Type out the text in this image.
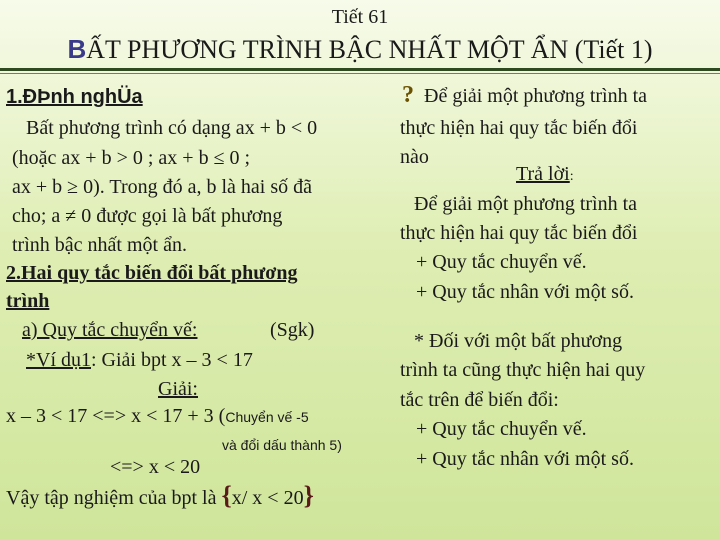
Tiết 61
BẤT PHƯƠNG TRÌNH BẬC NHẤT MỘT ẨN (Tiết 1)
1.ĐÞnh nghÜa
Bất phương trình có dạng ax + b < 0
(hoặc ax + b > 0 ; ax + b ≤ 0 ;
ax + b ≥ 0). Trong đó a, b là hai số đã
cho; a ≠ 0 được gọi là bất phương
trình bậc nhất một ẩn.
2.Hai quy tắc biến đổi bất phương
trình
a) Quy tắc chuyển vế:	(Sgk)
*Ví dụ1: Giải bpt x – 3 < 17
Giải:
x – 3 < 17 <=> x < 17 + 3 (Chuyển vế -5
và đổi dấu thành 5)
<=> x < 20
Vậy tập nghiệm của bpt là {x/ x < 20}
? Để giải một phương trình ta
thực hiện hai quy tắc biến đổi
nào
Trả lời:
Để giải một phương trình ta
thực hiện hai quy tắc biến đổi
+ Quy tắc chuyển vế.
+ Quy tắc nhân với một số.
* Đối với một bất phương
trình ta cũng thực hiện hai quy
tắc trên để biến đổi:
+ Quy tắc chuyển vế.
+ Quy tắc nhân với một số.
